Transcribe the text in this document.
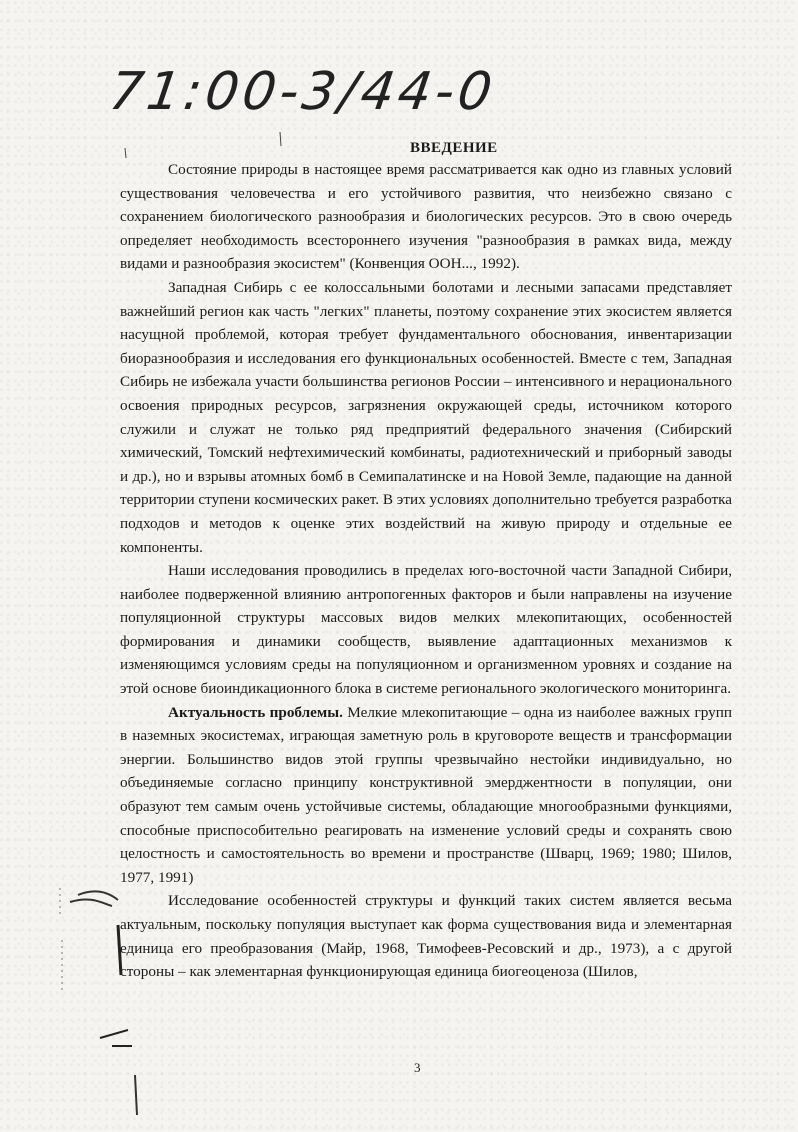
71:00-3/44-0
ВВЕДЕНИЕ

Состояние природы в настоящее время рассматривается как одно из главных условий существования человечества и его устойчивого развития, что неизбежно связано с сохранением биологического разнообразия и биологических ресурсов. Это в свою очередь определяет необходимость всестороннего изучения "разнообразия в рамках вида, между видами и разнообразия экосистем" (Конвенция ООН..., 1992).

Западная Сибирь с ее колоссальными болотами и лесными запасами представляет важнейший регион как часть "легких" планеты, поэтому сохранение этих экосистем является насущной проблемой, которая требует фундаментального обоснования, инвентаризации биоразнообразия и исследования его функциональных особенностей. Вместе с тем, Западная Сибирь не избежала участи большинства регионов России – интенсивного и нерационального освоения природных ресурсов, загрязнения окружающей среды, источником которого служили и служат не только ряд предприятий федерального значения (Сибирский химический, Томский нефтехимический комбинаты, радиотехнический и приборный заводы и др.), но и взрывы атомных бомб в Семипалатинске и на Новой Земле, падающие на данной территории ступени космических ракет. В этих условиях дополнительно требуется разработка подходов и методов к оценке этих воздействий на живую природу и отдельные ее компоненты.

Наши исследования проводились в пределах юго-восточной части Западной Сибири, наиболее подверженной влиянию антропогенных факторов и были направлены на изучение популяционной структуры массовых видов мелких млекопитающих, особенностей формирования и динамики сообществ, выявление адаптационных механизмов к изменяющимся условиям среды на популяционном и организменном уровнях и создание на этой основе биоиндикационного блока в системе регионального экологического мониторинга.

Актуальность проблемы. Мелкие млекопитающие – одна из наиболее важных групп в наземных экосистемах, играющая заметную роль в круговороте веществ и трансформации энергии. Большинство видов этой группы чрезвычайно нестойки индивидуально, но объединяемые согласно принципу конструктивной эмерджентности в популяции, они образуют тем самым очень устойчивые системы, обладающие многообразными функциями, способные приспособительно реагировать на изменение условий среды и сохранять свою целостность и самостоятельность во времени и пространстве (Шварц, 1969; 1980; Шилов, 1977, 1991)

Исследование особенностей структуры и функций таких систем является весьма актуальным, поскольку популяция выступает как форма существования вида и элементарная единица его преобразования (Майр, 1968, Тимофеев-Ресовский и др., 1973), а с другой стороны – как элементарная функционирующая единица биогеоценоза (Шилов,

3
